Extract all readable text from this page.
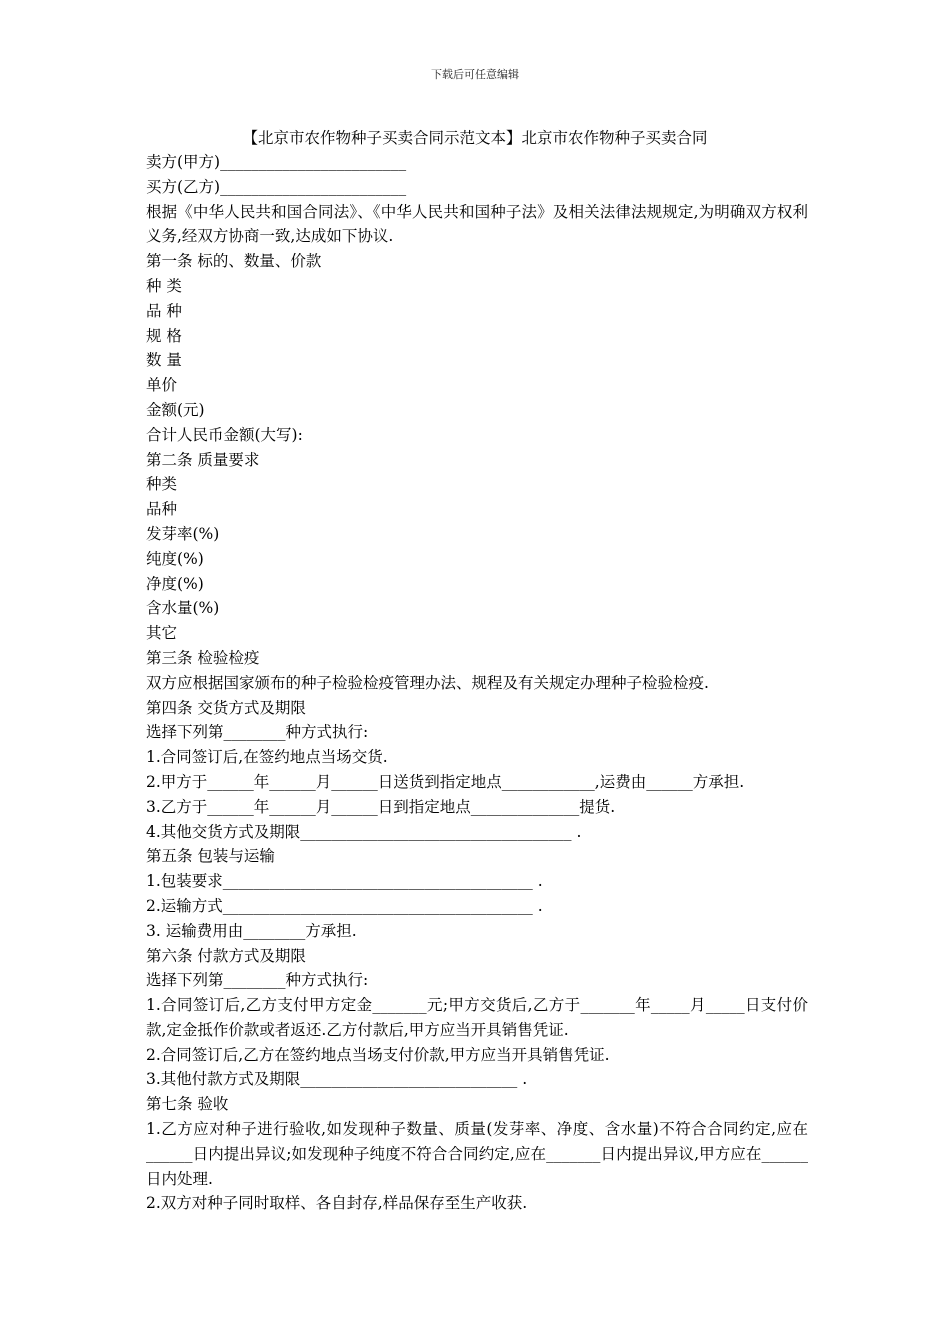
下载后可任意编辑
【北京市农作物种子买卖合同示范文本】北京市农作物种子买卖合同
卖方(甲方)________________________
买方(乙方)________________________
根据《中华人民共和国合同法》、《中华人民共和国种子法》及相关法律法规规定,为明确双方权利义务,经双方协商一致,达成如下协议.
第一条 标的、数量、价款
种 类
品 种
规 格
数 量
单价
金额(元)
合计人民币金额(大写):
第二条 质量要求
种类
品种
发芽率(%)
纯度(%)
净度(%)
含水量(%)
其它
第三条 检验检疫
双方应根据国家颁布的种子检验检疫管理办法、规程及有关规定办理种子检验检疫.
第四条 交货方式及期限
选择下列第________种方式执行:
1.合同签订后,在签约地点当场交货.
2.甲方于______年______月______日送货到指定地点____________,运费由______方承担.
3.乙方于______年______月______日到指定地点______________提货.
4.其他交货方式及期限___________________________________ .
第五条 包装与运输
1.包装要求________________________________________ .
2.运输方式________________________________________ .
3. 运输费用由________方承担.
第六条 付款方式及期限
选择下列第________种方式执行:
1.合同签订后,乙方支付甲方定金_______元;甲方交货后,乙方于_______年_____月_____日支付价款,定金抵作价款或者返还.乙方付款后,甲方应当开具销售凭证.
2.合同签订后,乙方在签约地点当场支付价款,甲方应当开具销售凭证.
3.其他付款方式及期限____________________________ .
第七条 验收
1.乙方应对种子进行验收,如发现种子数量、质量(发芽率、净度、含水量)不符合合同约定,应在______日内提出异议;如发现种子纯度不符合合同约定,应在_______日内提出异议,甲方应在______日内处理.
2.双方对种子同时取样、各自封存,样品保存至生产收获.
